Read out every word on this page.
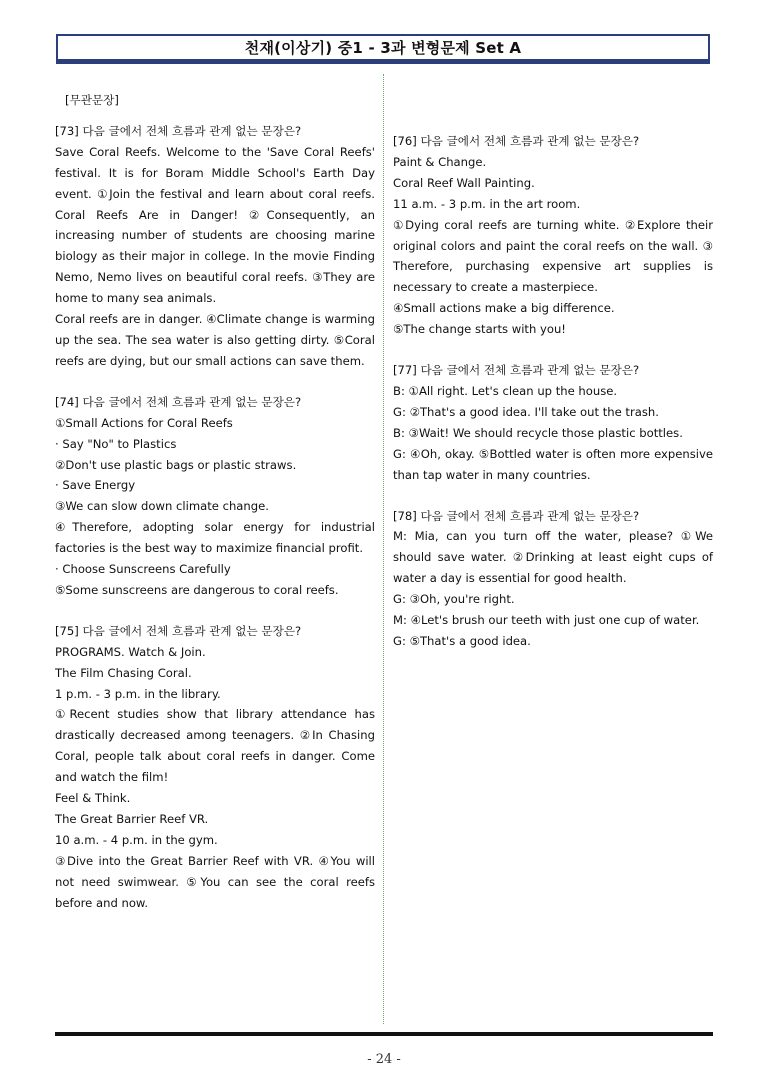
천재(이상기) 중1 - 3과 변형문제 Set A

[무관문장]

[73] 다음 글에서 전체 흐름과 관계 없는 문장은?

Save Coral Reefs. Welcome to the 'Save Coral Reefs' festival. It is for Boram Middle School's Earth Day event. ①Join the festival and learn about coral reefs. Coral Reefs Are in Danger! ②Consequently, an increasing number of students are choosing marine biology as their major in college. In the movie Finding Nemo, Nemo lives on beautiful coral reefs. ③They are home to many sea animals.

Coral reefs are in danger. ④Climate change is warming up the sea. The sea water is also getting dirty. ⑤Coral reefs are dying, but our small actions can save them.

[74] 다음 글에서 전체 흐름과 관계 없는 문장은?

①Small Actions for Coral Reefs

· Say "No" to Plastics

②Don't use plastic bags or plastic straws.

· Save Energy

③We can slow down climate change.

④Therefore, adopting solar energy for industrial factories is the best way to maximize financial profit.

· Choose Sunscreens Carefully

⑤Some sunscreens are dangerous to coral reefs.

[75] 다음 글에서 전체 흐름과 관계 없는 문장은?

PROGRAMS. Watch & Join.

The Film Chasing Coral.

1 p.m. - 3 p.m. in the library.

①Recent studies show that library attendance has drastically decreased among teenagers. ②In Chasing Coral, people talk about coral reefs in danger. Come and watch the film!

Feel & Think.

The Great Barrier Reef VR.

10 a.m. - 4 p.m. in the gym.

③Dive into the Great Barrier Reef with VR. ④You will not need swimwear. ⑤You can see the coral reefs before and now.

[76] 다음 글에서 전체 흐름과 관계 없는 문장은?

Paint & Change.

Coral Reef Wall Painting.

11 a.m. - 3 p.m. in the art room.

①Dying coral reefs are turning white. ②Explore their original colors and paint the coral reefs on the wall. ③ Therefore, purchasing expensive art supplies is necessary to create a masterpiece.

④Small actions make a big difference.

⑤The change starts with you!

[77] 다음 글에서 전체 흐름과 관계 없는 문장은?

B: ①All right. Let's clean up the house.

G: ②That's a good idea. I'll take out the trash.

B: ③Wait! We should recycle those plastic bottles.

G: ④Oh, okay. ⑤Bottled water is often more expensive than tap water in many countries.

[78] 다음 글에서 전체 흐름과 관계 없는 문장은?

M: Mia, can you turn off the water, please? ①We should save water. ②Drinking at least eight cups of water a day is essential for good health.

G: ③Oh, you're right.

M: ④Let's brush our teeth with just one cup of water.

G: ⑤That's a good idea.

- 24 -
